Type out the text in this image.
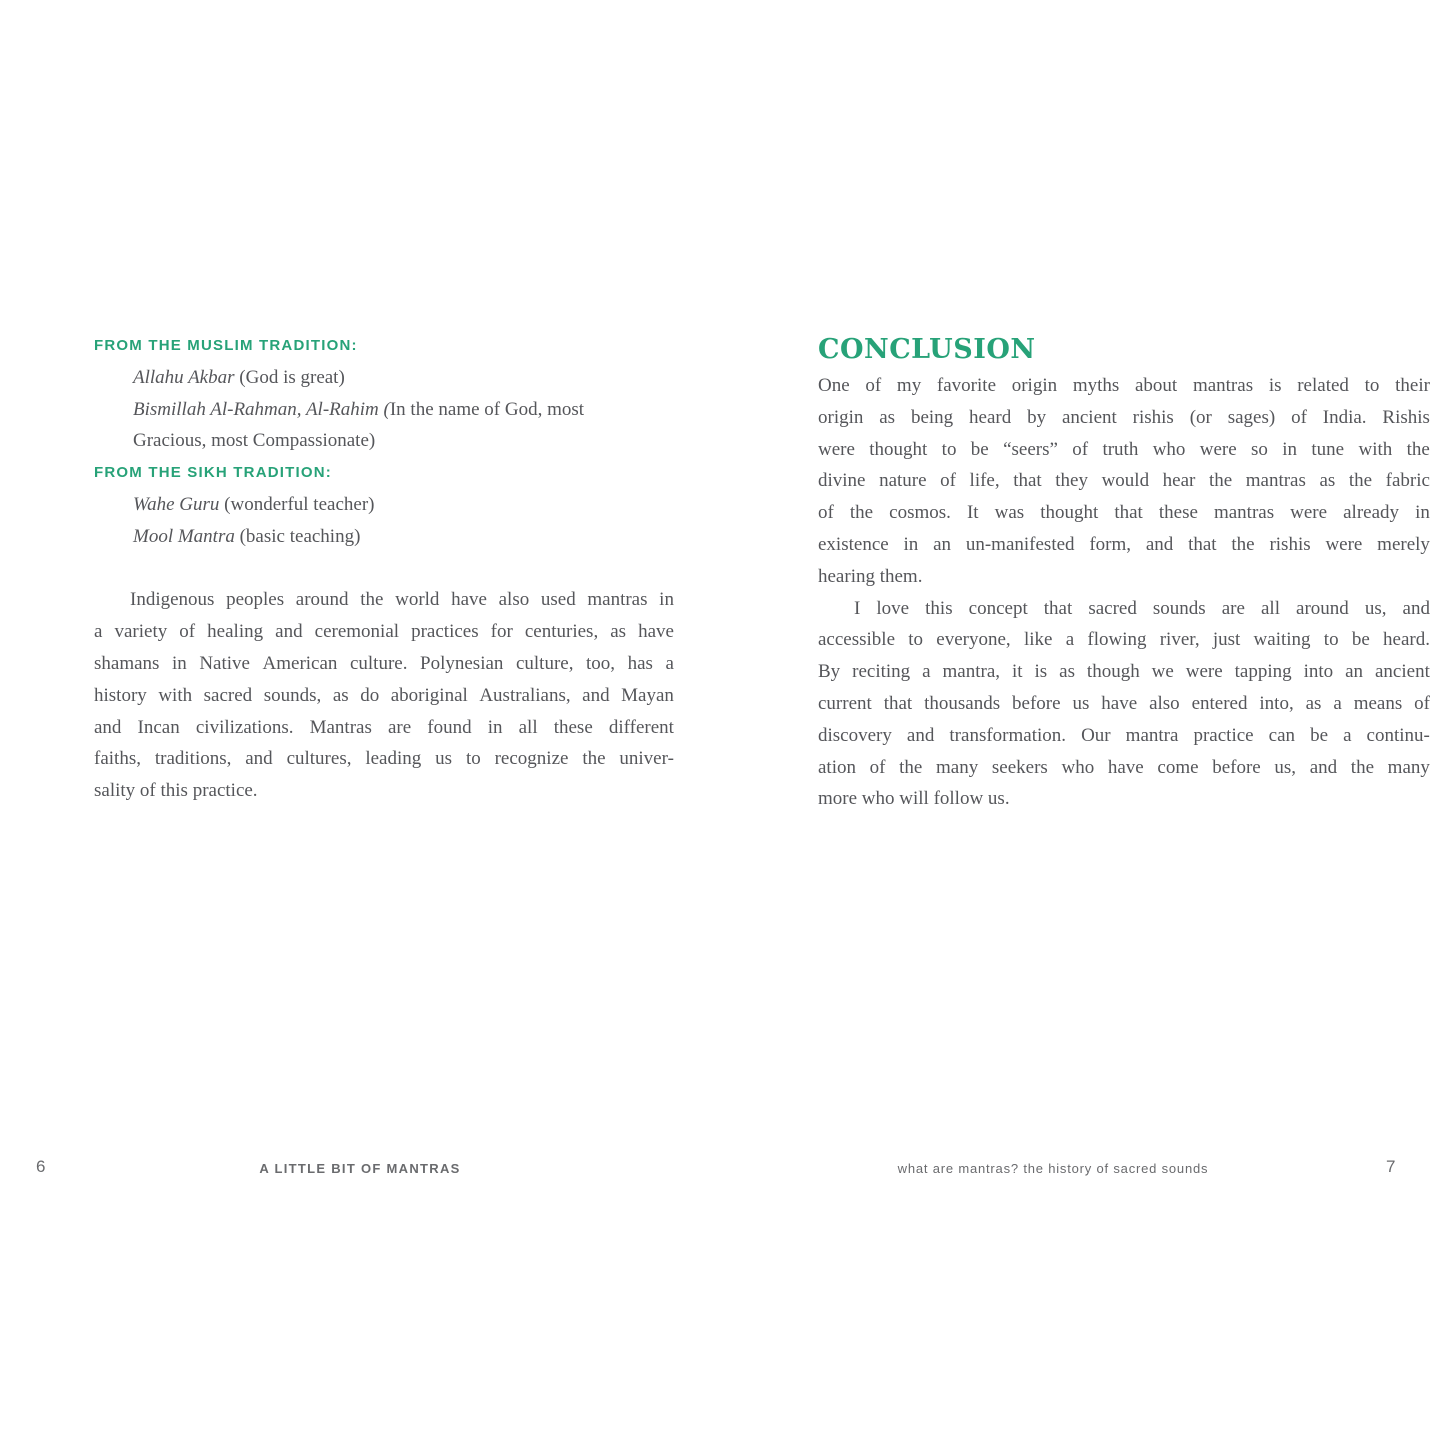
FROM THE MUSLIM TRADITION:
Allahu Akbar (God is great)
Bismillah Al-Rahman, Al-Rahim (In the name of God, most
Gracious, most Compassionate)
FROM THE SIKH TRADITION:
Wahe Guru (wonderful teacher)
Mool Mantra (basic teaching)
Indigenous peoples around the world have also used mantras in
a variety of healing and ceremonial practices for centuries, as have
shamans in Native American culture. Polynesian culture, too, has a
history with sacred sounds, as do aboriginal Australians, and Mayan
and Incan civilizations. Mantras are found in all these different
faiths, traditions, and cultures, leading us to recognize the univer-
sality of this practice.
CONCLUSION
One of my favorite origin myths about mantras is related to their
origin as being heard by ancient rishis (or sages) of India. Rishis
were thought to be “seers” of truth who were so in tune with the
divine nature of life, that they would hear the mantras as the fabric
of the cosmos. It was thought that these mantras were already in
existence in an un-manifested form, and that the rishis were merely
hearing them.
I love this concept that sacred sounds are all around us, and
accessible to everyone, like a flowing river, just waiting to be heard.
By reciting a mantra, it is as though we were tapping into an ancient
current that thousands before us have also entered into, as a means of
discovery and transformation. Our mantra practice can be a continu-
ation of the many seekers who have come before us, and the many
more who will follow us.
6	A LITTLE BIT OF MANTRAS	what are mantras? the history of sacred sounds	7
